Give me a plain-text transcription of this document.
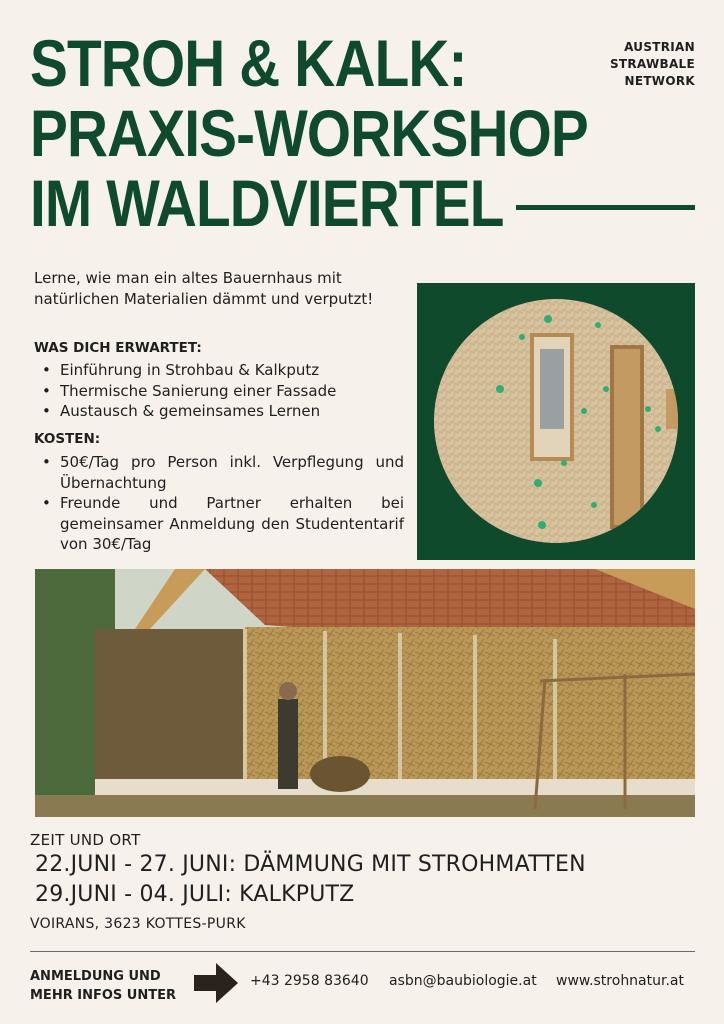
STROH & KALK:
PRAXIS-WORKSHOP
IM WALDVIERTEL
AUSTRIAN
STRAWBALE
NETWORK

Lerne, wie man ein altes Bauernhaus mit natürlichen Materialien dämmt und verputzt!

WAS DICH ERWARTET:
• Einführung in Strohbau & Kalkputz
• Thermische Sanierung einer Fassade
• Austausch & gemeinsames Lernen
KOSTEN:
• 50€/Tag pro Person inkl. Verpflegung und Übernachtung
• Freunde und Partner erhalten bei gemeinsamer Anmeldung den Studententarif von 30€/Tag
ZEIT UND ORT
22.JUNI - 27. JUNI: DÄMMUNG MIT STROHMATTEN
29.JUNI - 04. JULI: KALKPUTZ
VOIRANS, 3623 KOTTES-PURK
ANMELDUNG UND
MEHR INFOS UNTER
+43 2958 83640 asbn@baubiologie.at www.strohnatur.at
